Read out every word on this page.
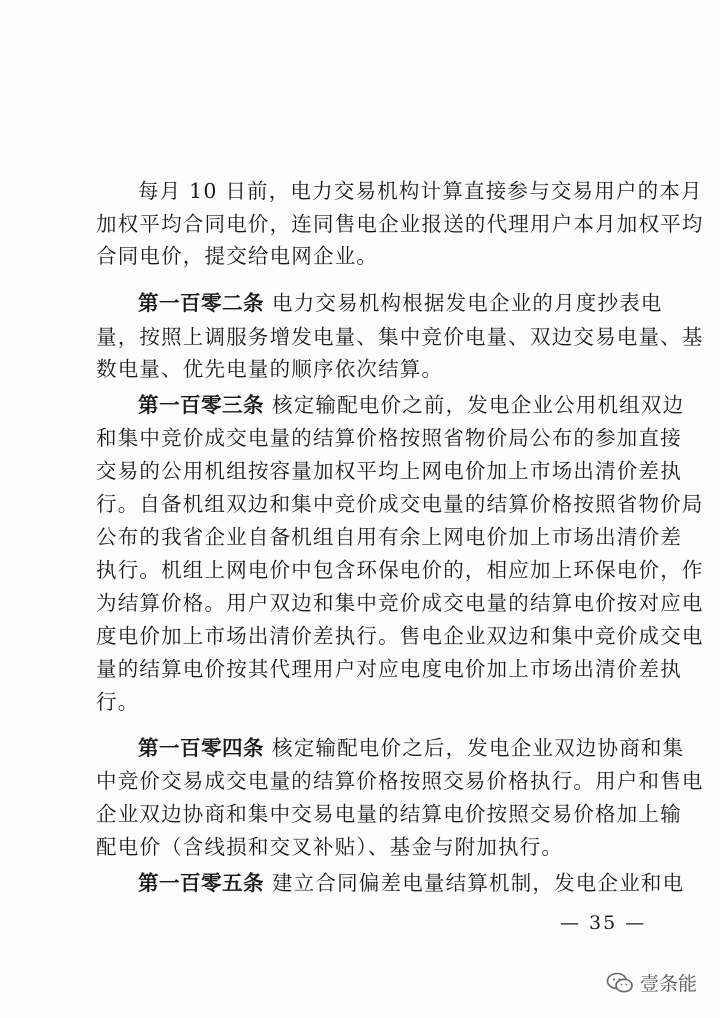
每月 10 日前，电力交易机构计算直接参与交易用户的本月
加权平均合同电价，连同售电企业报送的代理用户本月加权平均
合同电价，提交给电网企业。
第一百零二条 电力交易机构根据发电企业的月度抄表电
量，按照上调服务增发电量、集中竞价电量、双边交易电量、基
数电量、优先电量的顺序依次结算。
第一百零三条 核定输配电价之前，发电企业公用机组双边
和集中竞价成交电量的结算价格按照省物价局公布的参加直接
交易的公用机组按容量加权平均上网电价加上市场出清价差执
行。自备机组双边和集中竞价成交电量的结算价格按照省物价局
公布的我省企业自备机组自用有余上网电价加上市场出清价差
执行。机组上网电价中包含环保电价的，相应加上环保电价，作
为结算价格。用户双边和集中竞价成交电量的结算电价按对应电
度电价加上市场出清价差执行。售电企业双边和集中竞价成交电
量的结算电价按其代理用户对应电度电价加上市场出清价差执
行。
第一百零四条 核定输配电价之后，发电企业双边协商和集
中竞价交易成交电量的结算价格按照交易价格执行。用户和售电
企业双边协商和集中交易电量的结算电价按照交易价格加上输
配电价（含线损和交叉补贴）、基金与附加执行。
第一百零五条 建立合同偏差电量结算机制，发电企业和电
— 35 —
壹条能
